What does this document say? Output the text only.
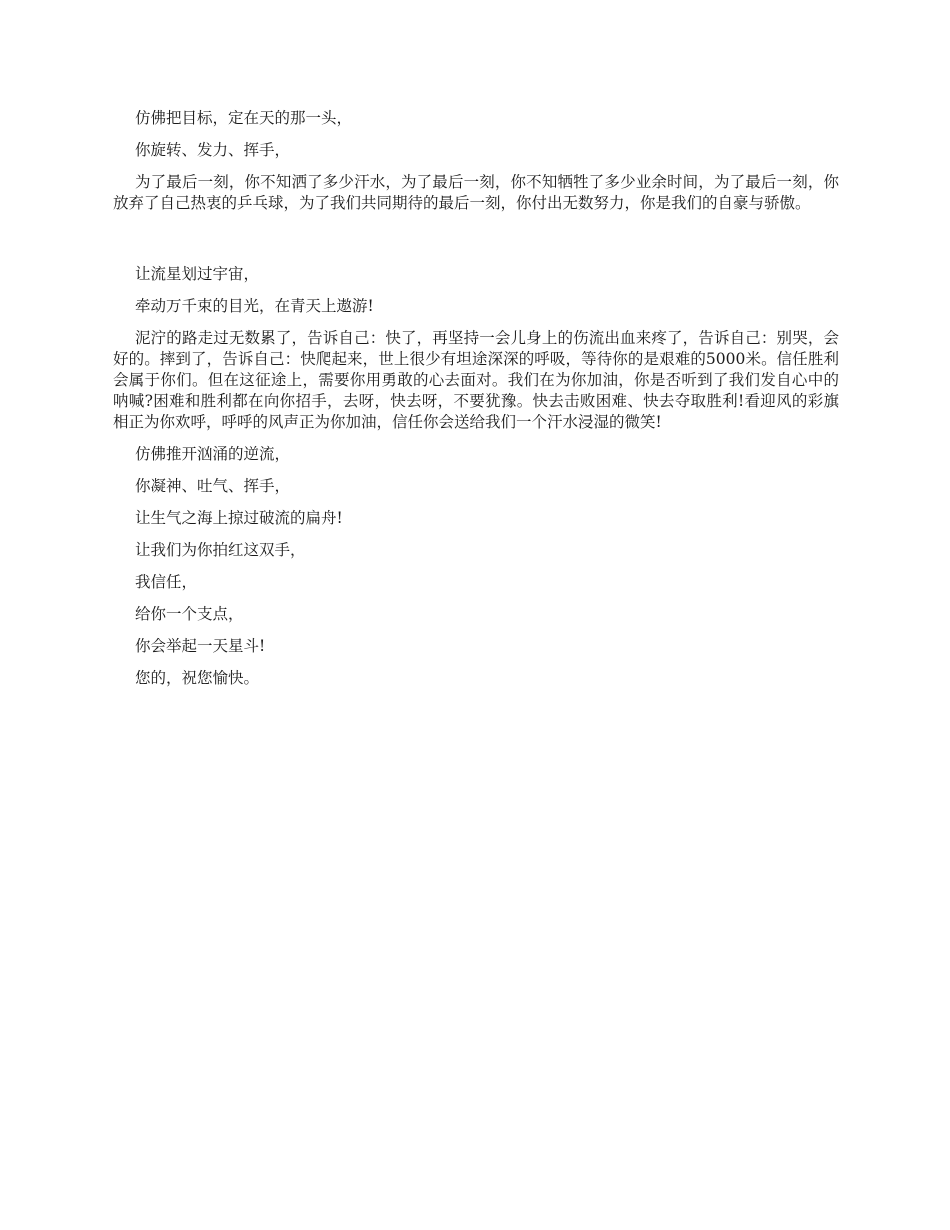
仿佛把目标，定在天的那一头，

你旋转、发力、挥手，

为了最后一刻，你不知洒了多少汗水，为了最后一刻，你不知牺牲了多少业余时间，为了最后一刻，你放弃了自己热衷的乒乓球，为了我们共同期待的最后一刻，你付出无数努力，你是我们的自豪与骄傲。

让流星划过宇宙，

牵动万千束的目光，在青天上遨游!

泥泞的路走过无数累了，告诉自己：快了，再坚持一会儿身上的伤流出血来疼了，告诉自己：别哭，会好的。摔到了，告诉自己：快爬起来，世上很少有坦途深深的呼吸，等待你的是艰难的5000米。信任胜利会属于你们。但在这征途上，需要你用勇敢的心去面对。我们在为你加油，你是否听到了我们发自心中的呐喊?困难和胜利都在向你招手，去呀，快去呀，不要犹豫。快去击败困难、快去夺取胜利!看迎风的彩旗相正为你欢呼，呼呼的风声正为你加油，信任你会送给我们一个汗水浸湿的微笑!

仿佛推开汹涌的逆流，

你凝神、吐气、挥手，

让生气之海上掠过破流的扁舟!

让我们为你拍红这双手，

我信任，

给你一个支点，

你会举起一天星斗!

您的，祝您愉快。
